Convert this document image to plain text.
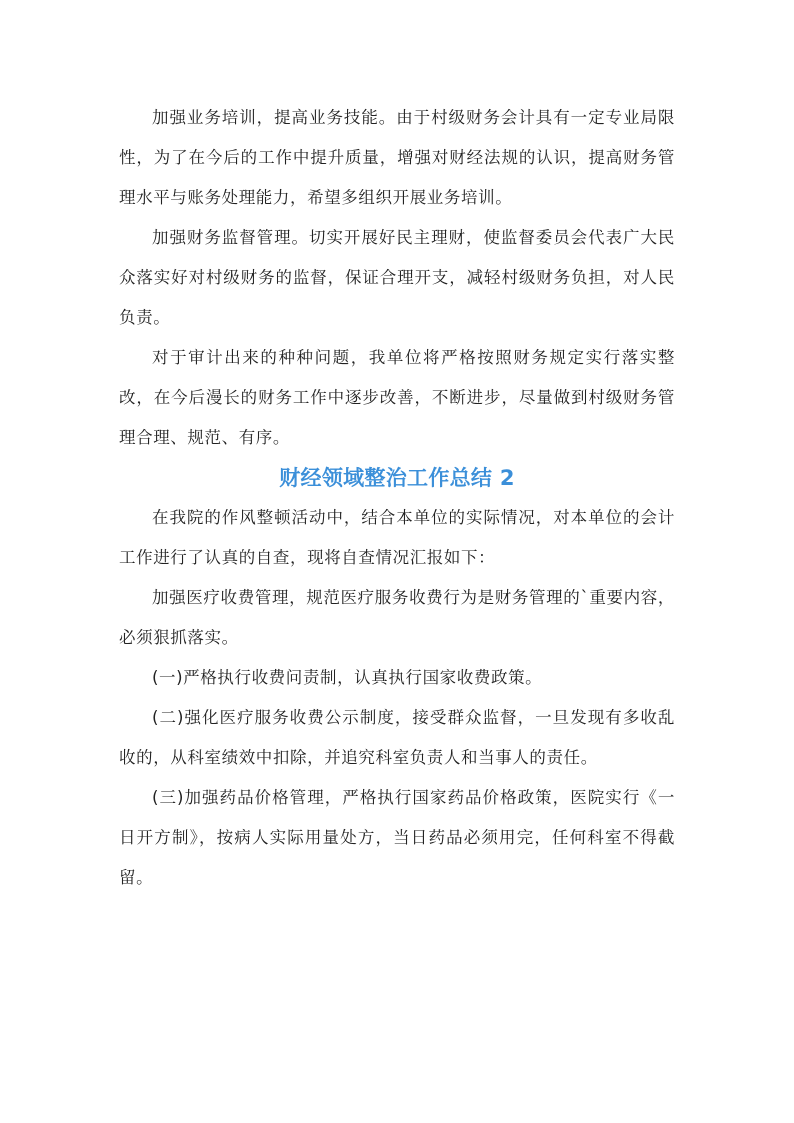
加强业务培训，提高业务技能。由于村级财务会计具有一定专业局限性，为了在今后的工作中提升质量，增强对财经法规的认识，提高财务管理水平与账务处理能力，希望多组织开展业务培训。

加强财务监督管理。切实开展好民主理财，使监督委员会代表广大民众落实好对村级财务的监督，保证合理开支，减轻村级财务负担，对人民负责。

对于审计出来的种种问题，我单位将严格按照财务规定实行落实整改，在今后漫长的财务工作中逐步改善，不断进步，尽量做到村级财务管理合理、规范、有序。

财经领域整治工作总结 2

在我院的作风整顿活动中，结合本单位的实际情况，对本单位的会计工作进行了认真的自查，现将自查情况汇报如下：

加强医疗收费管理，规范医疗服务收费行为是财务管理的`重要内容，必须狠抓落实。

(一)严格执行收费问责制，认真执行国家收费政策。

(二)强化医疗服务收费公示制度，接受群众监督，一旦发现有多收乱收的，从科室绩效中扣除，并追究科室负责人和当事人的责任。

(三)加强药品价格管理，严格执行国家药品价格政策，医院实行《一日开方制》，按病人实际用量处方，当日药品必须用完，任何科室不得截留。
